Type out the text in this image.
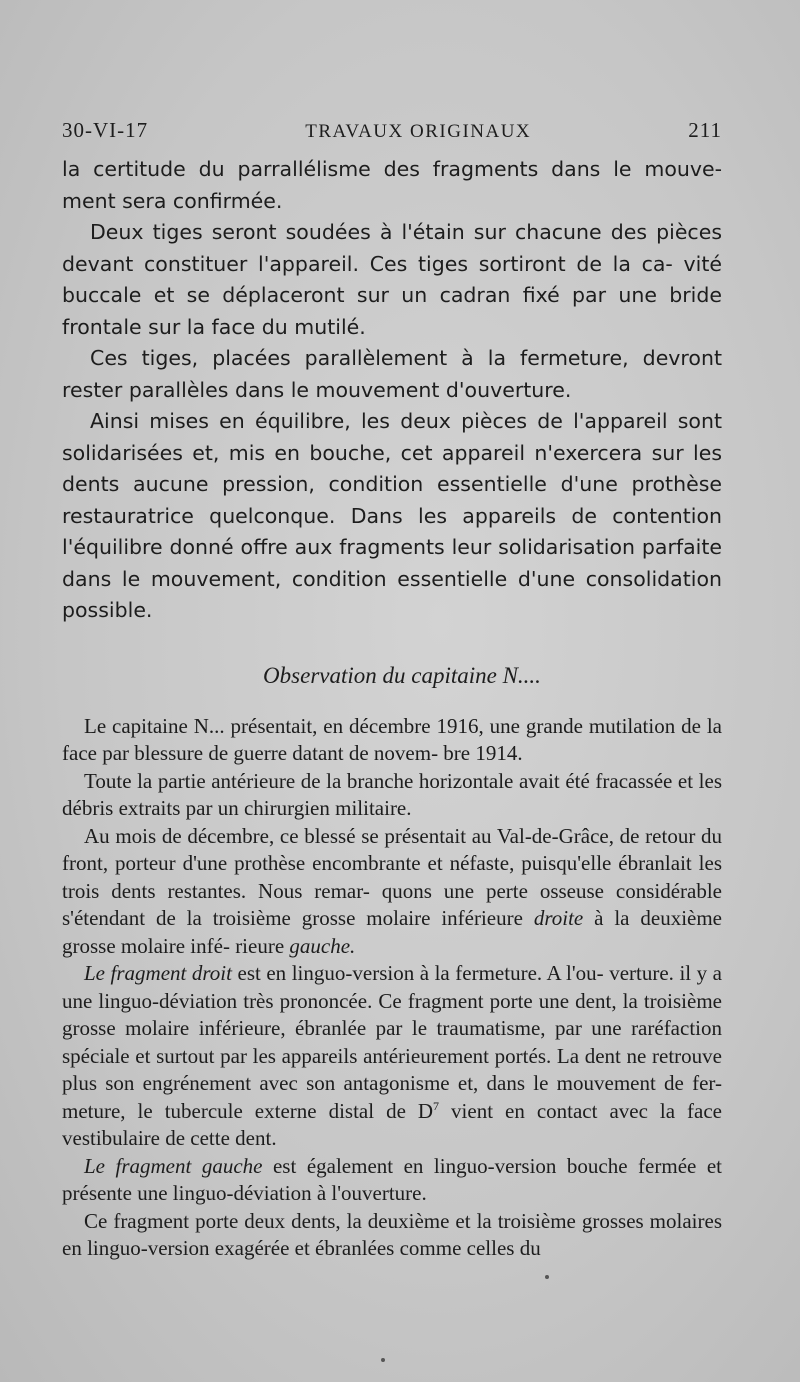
30-VI-17	TRAVAUX ORIGINAUX	211

la certitude du parrallélisme des fragments dans le mouve- ment sera confirmée.

Deux tiges seront soudées à l'étain sur chacune des pièces devant constituer l'appareil. Ces tiges sortiront de la ca- vité buccale et se déplaceront sur un cadran fixé par une bride frontale sur la face du mutilé.

Ces tiges, placées parallèlement à la fermeture, devront rester parallèles dans le mouvement d'ouverture.

Ainsi mises en équilibre, les deux pièces de l'appareil sont solidarisées et, mis en bouche, cet appareil n'exercera sur les dents aucune pression, condition essentielle d'une prothèse restauratrice quelconque. Dans les appareils de contention l'équilibre donné offre aux fragments leur solidarisation parfaite dans le mouvement, condition essentielle d'une consolidation possible.

Observation du capitaine N....

Le capitaine N... présentait, en décembre 1916, une grande mutilation de la face par blessure de guerre datant de novem- bre 1914.

Toute la partie antérieure de la branche horizontale avait été fracassée et les débris extraits par un chirurgien militaire.

Au mois de décembre, ce blessé se présentait au Val-de-Grâce, de retour du front, porteur d'une prothèse encombrante et néfaste, puisqu'elle ébranlait les trois dents restantes. Nous remar- quons une perte osseuse considérable s'étendant de la troisième grosse molaire inférieure droite à la deuxième grosse molaire infé- rieure gauche.

Le fragment droit est en linguo-version à la fermeture. A l'ou- verture. il y a une linguo-déviation très prononcée. Ce fragment porte une dent, la troisième grosse molaire inférieure, ébranlée par le traumatisme, par une raréfaction spéciale et surtout par les appareils antérieurement portés. La dent ne retrouve plus son engrénement avec son antagonisme et, dans le mouvement de fer- meture, le tubercule externe distal de $D^7$ vient en contact avec la face vestibulaire de cette dent.

Le fragment gauche est également en linguo-version bouche fermée et présente une linguo-déviation à l'ouverture.

Ce fragment porte deux dents, la deuxième et la troisième grosses molaires en linguo-version exagérée et ébranlées comme celles du
